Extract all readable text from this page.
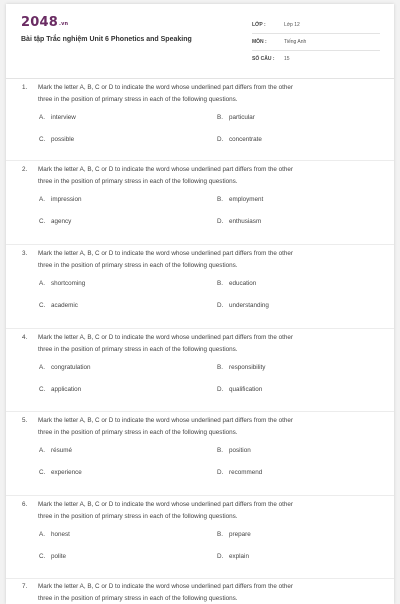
2048.vn
Bài tập Trắc nghiệm Unit 6 Phonetics and Speaking
LỚP :	Lớp 12
MÔN :	Tiếng Anh
SỐ CÂU :	15
1. Mark the letter A, B, C or D to indicate the word whose underlined part differs from the other
three in the position of primary stress in each of the following questions.
A. interview	B. particular
C. possible	D. concentrate
2. Mark the letter A, B, C or D to indicate the word whose underlined part differs from the other
three in the position of primary stress in each of the following questions.
A. impression	B. employment
C. agency	D. enthusiasm
3. Mark the letter A, B, C or D to indicate the word whose underlined part differs from the other
three in the position of primary stress in each of the following questions.
A. shortcoming	B. education
C. academic	D. understanding
4. Mark the letter A, B, C or D to indicate the word whose underlined part differs from the other
three in the position of primary stress in each of the following questions.
A. congratulation	B. responsibility
C. application	D. qualification
5. Mark the letter A, B, C or D to indicate the word whose underlined part differs from the other
three in the position of primary stress in each of the following questions.
A. résumé	B. position
C. experience	D. recommend
6. Mark the letter A, B, C or D to indicate the word whose underlined part differs from the other
three in the position of primary stress in each of the following questions.
A. honest	B. prepare
C. polite	D. explain
7. Mark the letter A, B, C or D to indicate the word whose underlined part differs from the other
three in the position of primary stress in each of the following questions.
